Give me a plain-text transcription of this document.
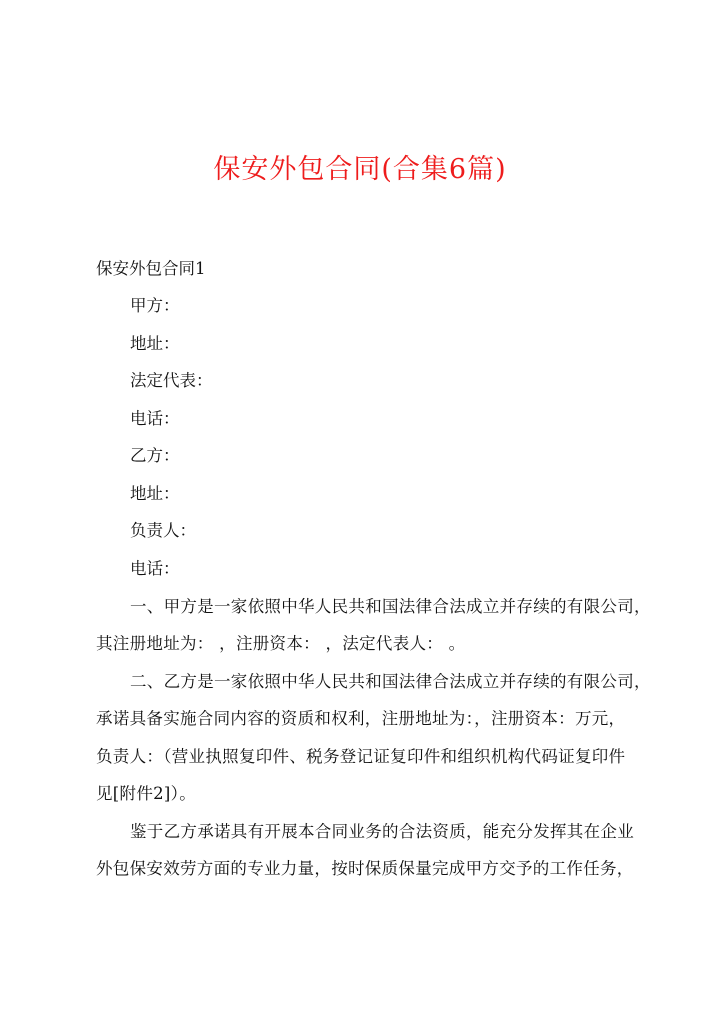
保安外包合同(合集6篇)
保安外包合同1
甲方：
地址：
法定代表：
电话：
乙方：
地址：
负责人：
电话：
一、甲方是一家依照中华人民共和国法律合法成立并存续的有限公司，
其注册地址为： ，注册资本： ，法定代表人： 。
二、乙方是一家依照中华人民共和国法律合法成立并存续的有限公司，
承诺具备实施合同内容的资质和权利，注册地址为：，注册资本：万元，
负责人：（营业执照复印件、税务登记证复印件和组织机构代码证复印件
见[附件2]）。
鉴于乙方承诺具有开展本合同业务的合法资质，能充分发挥其在企业
外包保安效劳方面的专业力量，按时保质保量完成甲方交予的工作任务，
